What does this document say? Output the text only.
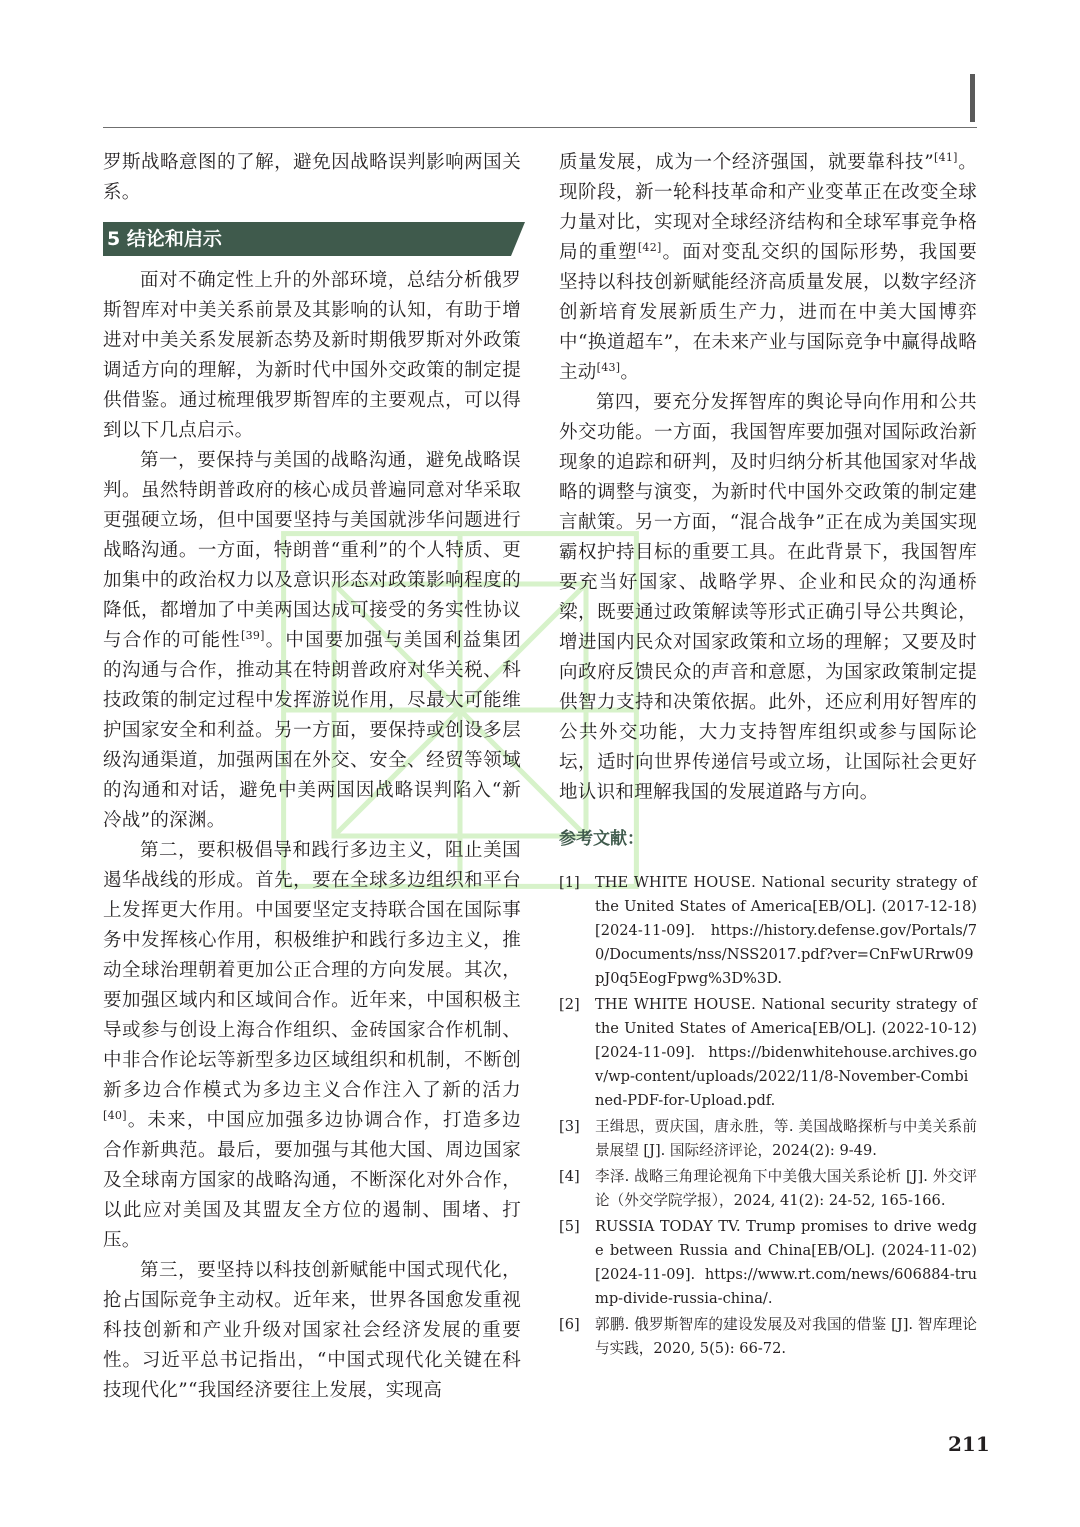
罗斯战略意图的了解，避免因战略误判影响两国关系。

5 结论和启示

面对不确定性上升的外部环境，总结分析俄罗斯智库对中美关系前景及其影响的认知，有助于增进对中美关系发展新态势及新时期俄罗斯对外政策调适方向的理解，为新时代中国外交政策的制定提供借鉴。通过梳理俄罗斯智库的主要观点，可以得到以下几点启示。

第一，要保持与美国的战略沟通，避免战略误判。虽然特朗普政府的核心成员普遍同意对华采取更强硬立场，但中国要坚持与美国就涉华问题进行战略沟通。一方面，特朗普“重利”的个人特质、更加集中的政治权力以及意识形态对政策影响程度的降低，都增加了中美两国达成可接受的务实性协议与合作的可能性[39]。中国要加强与美国利益集团的沟通与合作，推动其在特朗普政府对华关税、科技政策的制定过程中发挥游说作用，尽最大可能维护国家安全和利益。另一方面，要保持或创设多层级沟通渠道，加强两国在外交、安全、经贸等领域的沟通和对话，避免中美两国因战略误判陷入“新冷战”的深渊。

第二，要积极倡导和践行多边主义，阻止美国遏华战线的形成。首先，要在全球多边组织和平台上发挥更大作用。中国要坚定支持联合国在国际事务中发挥核心作用，积极维护和践行多边主义，推动全球治理朝着更加公正合理的方向发展。其次，要加强区域内和区域间合作。近年来，中国积极主导或参与创设上海合作组织、金砖国家合作机制、中非合作论坛等新型多边区域组织和机制，不断创新多边合作模式为多边主义合作注入了新的活力[40]。未来，中国应加强多边协调合作，打造多边合作新典范。最后，要加强与其他大国、周边国家及全球南方国家的战略沟通，不断深化对外合作，以此应对美国及其盟友全方位的遏制、围堵、打压。

第三，要坚持以科技创新赋能中国式现代化，抢占国际竞争主动权。近年来，世界各国愈发重视科技创新和产业升级对国家社会经济发展的重要性。习近平总书记指出，“中国式现代化关键在科技现代化”“我国经济要往上发展，实现高

质量发展，成为一个经济强国，就要靠科技”[41]。现阶段，新一轮科技革命和产业变革正在改变全球力量对比，实现对全球经济结构和全球军事竞争格局的重塑[42]。面对变乱交织的国际形势，我国要坚持以科技创新赋能经济高质量发展，以数字经济创新培育发展新质生产力，进而在中美大国博弈中“换道超车”，在未来产业与国际竞争中赢得战略主动[43]。

第四，要充分发挥智库的舆论导向作用和公共外交功能。一方面，我国智库要加强对国际政治新现象的追踪和研判，及时归纳分析其他国家对华战略的调整与演变，为新时代中国外交政策的制定建言献策。另一方面，“混合战争”正在成为美国实现霸权护持目标的重要工具。在此背景下，我国智库要充当好国家、战略学界、企业和民众的沟通桥梁，既要通过政策解读等形式正确引导公共舆论，增进国内民众对国家政策和立场的理解；又要及时向政府反馈民众的声音和意愿，为国家政策制定提供智力支持和决策依据。此外，还应利用好智库的公共外交功能，大力支持智库组织或参与国际论坛，适时向世界传递信号或立场，让国际社会更好地认识和理解我国的发展道路与方向。

参考文献：
[1]	THE WHITE HOUSE. National security strategy of the United States of America[EB/OL]. (2017-12-18) [2024-11-09]. https://history.defense.gov/Portals/70/Documents/nss/NSS2017.pdf?ver=CnFwURrw09pJ0q5EogFpwg%3D%3D.
[2]	THE WHITE HOUSE. National security strategy of the United States of America[EB/OL]. (2022-10-12) [2024-11-09]. https://bidenwhitehouse.archives.gov/wp-content/uploads/2022/11/8-November-Combined-PDF-for-Upload.pdf.
[3]	王缉思，贾庆国，唐永胜，等. 美国战略探析与中美关系前景展望 [J]. 国际经济评论，2024(2): 9-49.
[4]	李泽. 战略三角理论视角下中美俄大国关系论析 [J]. 外交评论（外交学院学报），2024, 41(2): 24-52, 165-166.
[5]	RUSSIA TODAY TV. Trump promises to drive wedge between Russia and China[EB/OL]. (2024-11-02) [2024-11-09]. https://www.rt.com/news/606884-trump-divide-russia-china/.
[6]	郭鹏. 俄罗斯智库的建设发展及对我国的借鉴 [J]. 智库理论与实践，2020, 5(5): 66-72.
211
